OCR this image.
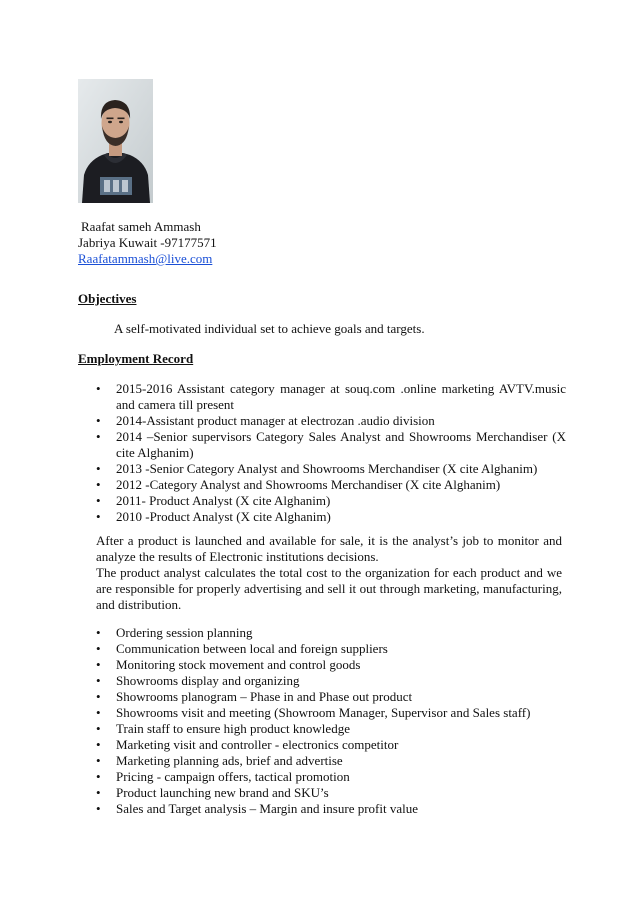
Raafat sameh Ammash
Jabriya Kuwait -97177571
Raafatammash@live.com
Objectives
A self-motivated individual set to achieve goals and targets.
Employment Record
•	2015-2016 Assistant category manager at souq.com .online marketing AVTV.music and camera till present
•	2014-Assistant product manager at electrozan .audio division
•	2014 –Senior supervisors Category Sales Analyst and Showrooms Merchandiser (X cite Alghanim)
•	2013 -Senior Category Analyst and Showrooms Merchandiser (X cite Alghanim)
•	2012 -Category Analyst and Showrooms Merchandiser (X cite Alghanim)
•	2011- Product Analyst (X cite Alghanim)
•	2010 -Product Analyst (X cite Alghanim)

After a product is launched and available for sale, it is the analyst’s job to monitor and analyze the results of Electronic institutions decisions.

The product analyst calculates the total cost to the organization for each product and we are responsible for properly advertising and sell it out through marketing, manufacturing, and distribution.

•	Ordering session planning
•	Communication between local and foreign suppliers
•	Monitoring stock movement and control goods
•	Showrooms display and organizing
•	Showrooms planogram – Phase in and Phase out product
•	Showrooms visit and meeting (Showroom Manager, Supervisor and Sales staff)
•	Train staff to ensure high product knowledge
•	Marketing visit and controller - electronics competitor
•	Marketing planning ads, brief and advertise
•	Pricing - campaign offers, tactical promotion
•	Product launching new brand and SKU’s
•	Sales and Target analysis – Margin and insure profit value
